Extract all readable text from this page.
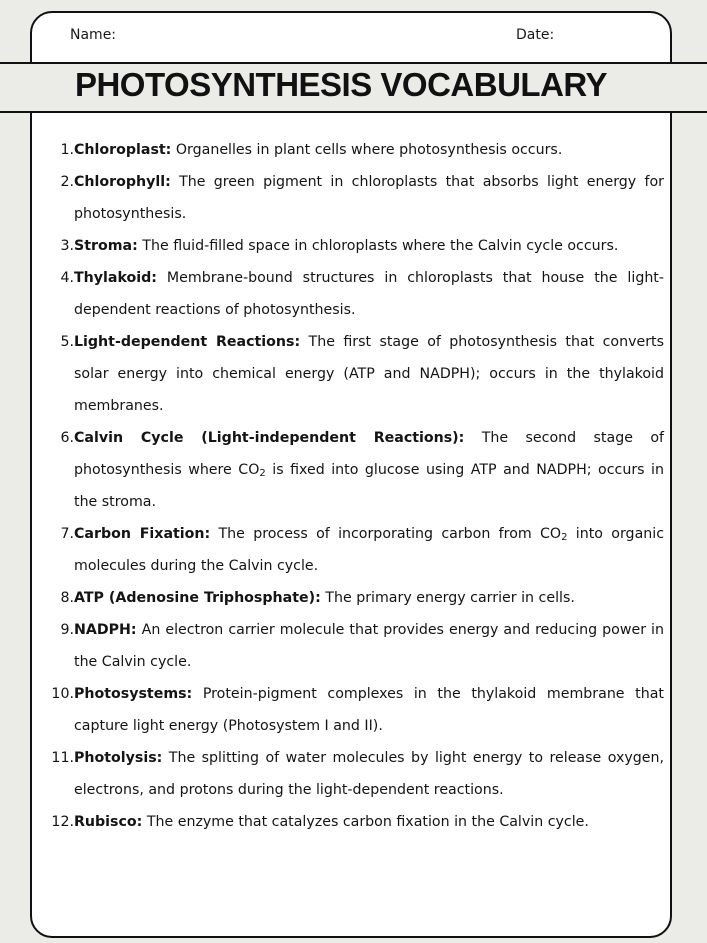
Name:	Date:
PHOTOSYNTHESIS VOCABULARY
1. Chloroplast: Organelles in plant cells where photosynthesis occurs.
2. Chlorophyll: The green pigment in chloroplasts that absorbs light energy for photosynthesis.
3. Stroma: The fluid-filled space in chloroplasts where the Calvin cycle occurs.
4. Thylakoid: Membrane-bound structures in chloroplasts that house the light-dependent reactions of photosynthesis.
5. Light-dependent Reactions: The first stage of photosynthesis that converts solar energy into chemical energy (ATP and NADPH); occurs in the thylakoid membranes.
6. Calvin Cycle (Light-independent Reactions): The second stage of photosynthesis where $CO_2$ is fixed into glucose using ATP and NADPH; occurs in the stroma.
7. Carbon Fixation: The process of incorporating carbon from $CO_2$ into organic molecules during the Calvin cycle.
8. ATP (Adenosine Triphosphate): The primary energy carrier in cells.
9. NADPH: An electron carrier molecule that provides energy and reducing power in the Calvin cycle.
10. Photosystems: Protein-pigment complexes in the thylakoid membrane that capture light energy (Photosystem I and II).
11. Photolysis: The splitting of water molecules by light energy to release oxygen, electrons, and protons during the light-dependent reactions.
12. Rubisco: The enzyme that catalyzes carbon fixation in the Calvin cycle.
